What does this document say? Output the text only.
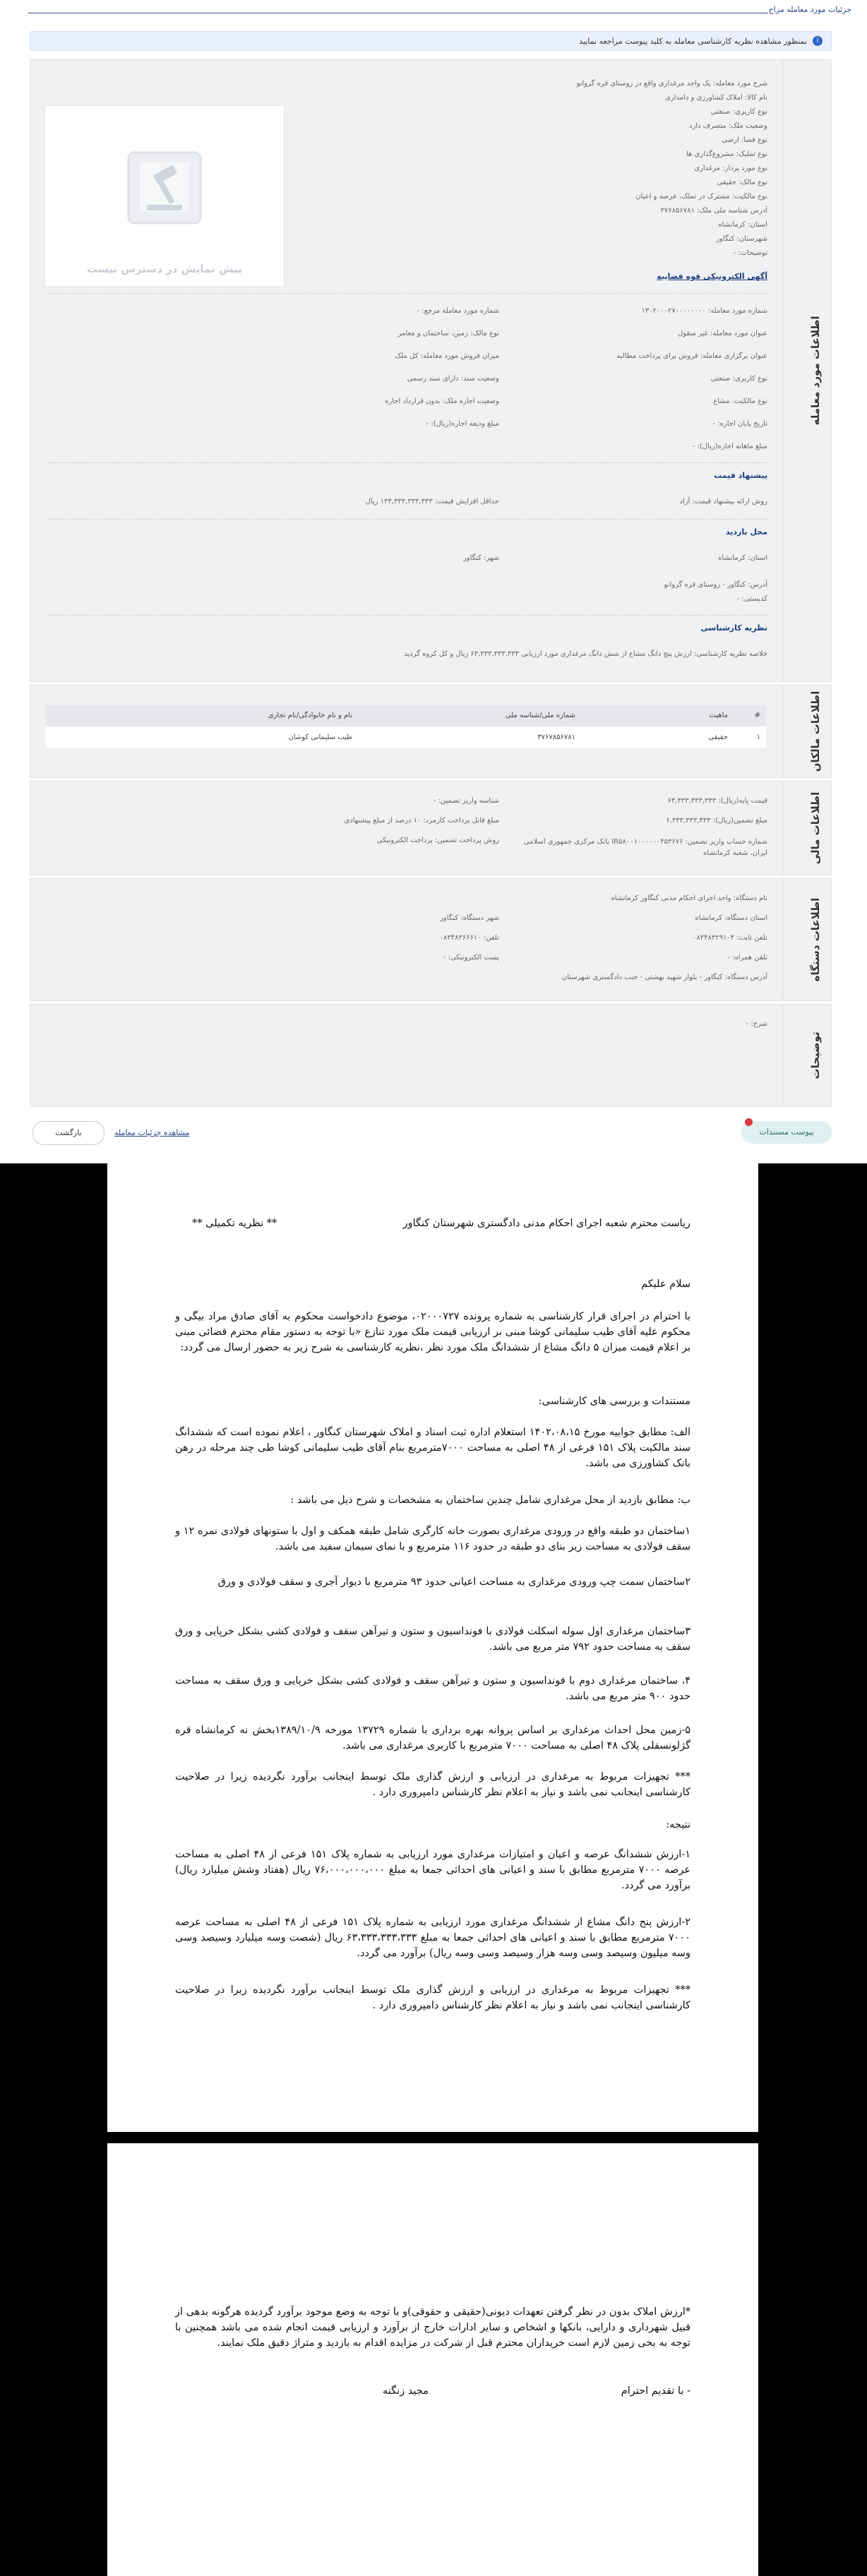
جزئیات مورد معامله مزاج
i
بمنظور مشاهده نظریه کارشناسی معامله به کلید پیوست مراجعه نمایید
اطلاعات مورد معامله
شرح مورد معامله: یک واحد مرغداری واقع در روستای قره گروانو
نام کالا: املاک کشاورزی و دامداری
نوع کاربری: صنعتی
وضعیت ملک: متصرف دارد
نوع فضا: ارضی
نوع تملیک: مشروع‌گذاری ها
نوع مورد پرداز: مرغداری
نوع مالک: حقیقی
نوع مالکیت: مشترک در تملک، عرصه و اعیان
آدرس شناسه ملی ملک: ۳۷۶۸۵۶۷۸۱
استان: کرمانشاه
شهرستان: کنگاور
توضیحات: -
پیش نمایش در دسترس نیست
آگهی الکترونیکی قوه قضاییه
شماره مورد معامله: ۱۳۰۲۰۰۰۲۷۰۰۰۰۰۰۰۰
شماره مورد معامله مرجع: -
عنوان مورد معامله: غیر منقول
نوع مالک: زمین، ساختمان و معامر
عنوان برگزاری معامله: فروش برای پرداخت مطالبه
میزان فروش مورد معامله: کل ملک
نوع کاربری: صنعتی
وضعیت سند: دارای سند رسمی
نوع مالکیت: مشاع
وضعیت اجاره ملک: بدون قرارداد اجاره
تاریخ پایان اجاره: -
مبلغ ودیعه اجاره(ریال): -
مبلغ ماهانه اجاره(ریال): -
پیشنهاد قیمت
روش ارائه پیشنهاد قیمت: آزاد
حداقل افزایش قیمت: ۱۳۳,۳۳۳,۳۳۳,۳۳۳ ریال
محل بازدید
استان: کرمانشاه
شهر: کنگاور
آدرس: کنگاور - روستای قره گروانو
کدپستی: -
نظریه کارشناسی
خلاصه نظریه کارشناسی: ارزش پنج دانگ مشاع از شش دانگ مرغداری مورد ارزیابی ۶۳,۳۳۳,۳۳۳,۳۳۳ ریال و کل کروه گردید
اطلاعات مالکان
#	ماهیت	شماره ملی/شناسه ملی	نام و نام خانوادگی/نام تجاری
۱	حقیقی	۳۷۶۷۸۵۶۷۸۱	طیب سلیمانی کوشان
اطلاعات مالی
قیمت پایه(ریال): ۶۳,۳۳۳,۳۳۳,۳۳۳
شناسه واریز تضمین: -
مبلغ تضمین(ریال): ۶,۳۳۳,۳۳۳,۳۳۳
مبلغ قابل پرداخت کارمزد: ۱۰ درصد از مبلغ پیشنهادی
شماره حساب واریز تضمین: IR۵۸۰۰۱۰۰۰۰۰۰۴۵۳۶۷۶ بانک مرکزی جمهوری اسلامی ایران، شعبه کرمانشاه
روش پرداخت تضمین: پرداخت الکترونیکی
اطلاعات دستگاه
نام دستگاه: واحد اجرای احکام مدنی کنگاور کرمانشاه
استان دستگاه: کرمانشاه
شهر دستگاه: کنگاور
تلفن ثابت: ۰۸۳۴۸۳۲۹۱۰۳
تلفن: ۰۸۳۴۸۳۶۶۶۱۰
تلفن همراه: -
پست الکترونیکی: -
آدرس دستگاه: کنگاور - بلوار شهید بهشتی - جنب دادگستری شهرستان
توضیحات
شرح: -
بازگشت	مشاهده جزئیات معامله	پیوست مستندات
** نظریه تکمیلی **	ریاست محترم شعبه اجرای احکام مدنی دادگستری شهرستان کنگاور

سلام علیکم

با احترام در اجرای قرار کارشناسی به شماره پرونده ۰۲۰۰۰۷۲۷، موضوع دادخواست محکوم به آقای صادق مراد بیگی و محکوم علیه آقای طیب سلیمانی کوشا مبنی بر ارزیابی قیمت ملک مورد تنازع «با توجه به دستور مقام محترم قضائی مبنی بر اعلام قیمت میزان ۵ دانگ مشاع از ششدانگ ملک مورد نظر ،نظریه کارشناسی به شرح زیر به حضور ارسال می گردد:

مستندات و بررسی های کارشناسی:

الف: مطابق جوابیه مورخ ۱۴۰۲،۰۸،۱۵ استعلام اداره ثبت اسناد و املاک شهرستان کنگاور ، اعلام نموده است که ششدانگ سند مالکیت پلاک ۱۵۱ فرعی از ۴۸ اصلی به مساحت ۷۰۰۰مترمربع بنام آقای طیب سلیمانی کوشا طی چند مرحله در رهن بانک کشاورزی می باشد.

ب: مطابق بازدید از محل مرغداری شامل چندین ساختمان به مشخصات و شرح ذیل می باشد :

۱ساختمان دو طبقه واقع در ورودی مرغداری بصورت خانه کارگری شامل طبقه همکف و اول با ستونهای فولادی نمره ۱۲ و سقف فولادی به مساحت زیر بنای دو طبقه در حدود ۱۱۶ مترمربع و با نمای سیمان سفید می باشد.

۲ساختمان سمت چپ ورودی مرغداری به مساحت اعیانی حدود ۹۳ مترمربع با دیوار آجری و سقف فولادی و ورق

۳ساختمان مرغداری اول سوله اسکلت فولادی با فونداسیون و ستون و تیرآهن سقف و فولادی کشی بشکل خرپایی و ورق سقف به مساحت حدود ۷۹۲ متر مربع می باشد.

۴، ساختمان مرغداری دوم با فونداسیون و ستون و تیرآهن سقف و فولادی کشی بشکل خرپایی و ورق سقف به مساحت حدود ۹۰۰ متر مربع می باشد.

۵-زمین محل احداث مرغداری بر اساس پروانه بهره برداری با شماره ۱۳۷۲۹ مورخه ۱۳۸۹/۱۰/۹بخش نه کرمانشاه قره گژلونسفلی پلاک ۴۸ اصلی به مساحت ۷۰۰۰ مترمربع با کاربری مرغداری می باشد.

*** تجهیزات مربوط به مرغداری در ارزیابی و ارزش گذاری ملک توسط اینجانب برآورد نگردیده زیرا در صلاحیت کارشناسی اینجانب نمی باشد و نیاز به اعلام نظر کارشناس دامپروری دارد .

نتیجه:

۱-ارزش ششدانگ عرصه و اعیان و امتیازات مرغداری مورد ارزیابی به شماره پلاک ۱۵۱ فرعی از ۴۸ اصلی به مساحت عرصه ۷۰۰۰ مترمربع مطابق با سند و اعیانی های احداثی جمعا به مبلغ ۷۶،۰۰۰،۰۰۰،۰۰۰ ریال (هفتاد وشش میلیارد ریال) برآورد می گردد.

۲-ارزش پنج دانگ مشاع از ششدانگ مرغداری مورد ارزیابی به شماره پلاک ۱۵۱ فرعی از ۴۸ اصلی به مساحت عرصه ۷۰۰۰ مترمربع مطابق با سند و اعیانی های احداثی جمعا به مبلغ ۶۳،۳۳۳،۳۳۳،۳۳۳ ریال (شصت وسه میلیارد وسیصد وسی وسه میلیون وسیصد وسی وسه هزار وسیصد وسی وسه ریال) برآورد می گردد.

*** تجهیزات مربوط به مرغداری در ارزیابی و ارزش گذاری ملک توسط اینجانب برآورد نگردیده زیرا در صلاحیت کارشناسی اینجانب نمی باشد و نیاز به اعلام نظر کارشناس دامپروری دارد .

*ارزش املاک بدون در نظر گرفتن تعهدات دیونی(حقیقی و حقوقی)و با توجه به وضع موجود برآورد گردیده هرگونه بدهی از قبیل شهرداری و دارایی، بانکها و اشخاص و سایر ادارات خارج از برآورد و ارزیابی قیمت انجام شده می باشد همچنین با توجه به بخی زمین لازم است خریداران محترم قبل از شرکت در مزایده اقدام به بازدید و متراژ دقیق ملک نمایند.

مجید زنگنه	- با تقدیم احترام
